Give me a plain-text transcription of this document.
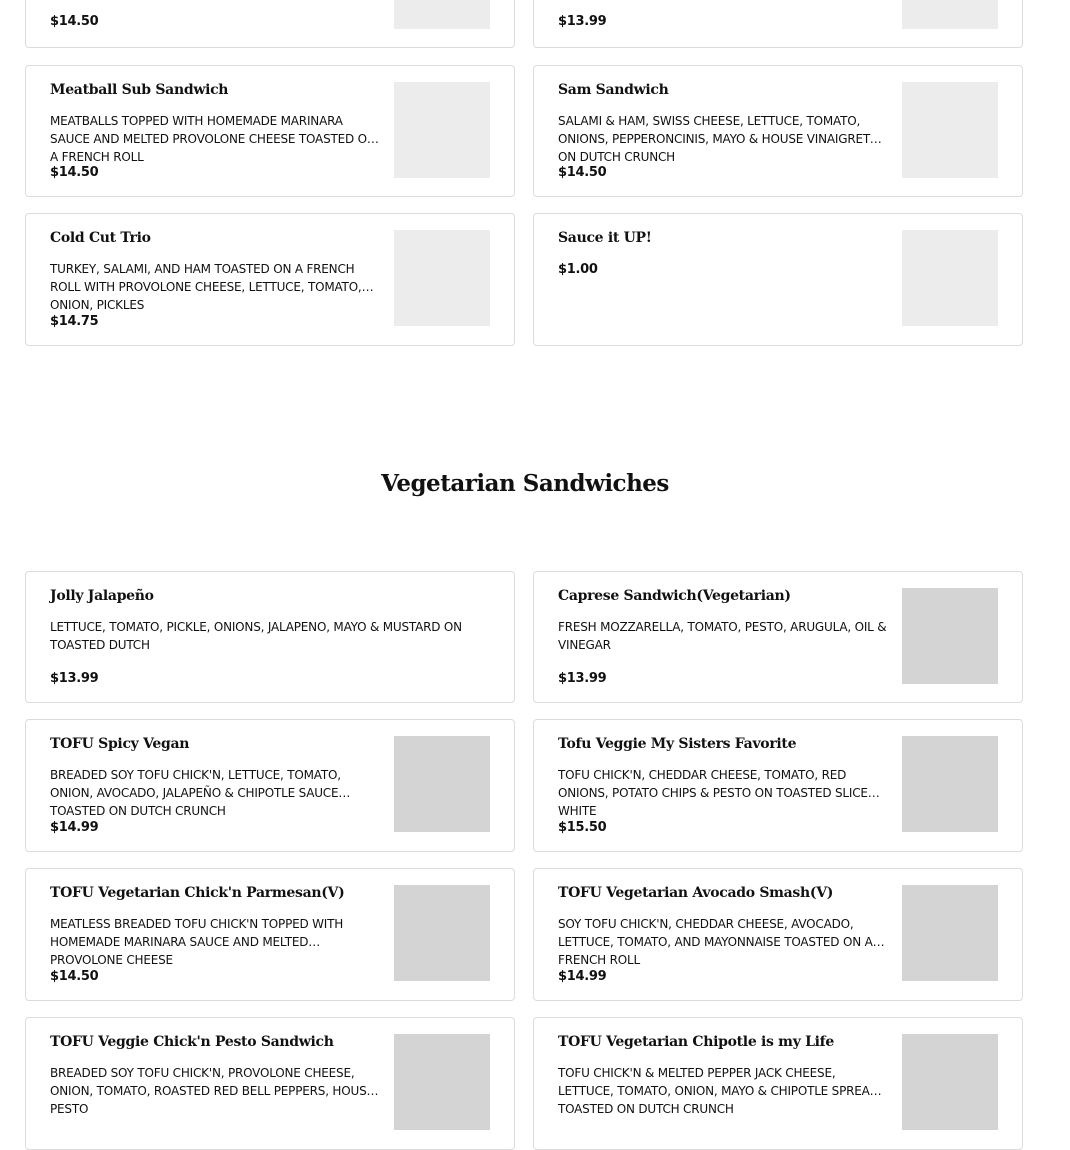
$14.50	$13.99
Meatball Sub Sandwich
MEATBALLS TOPPED WITH HOMEMADE MARINARA SAUCE AND MELTED PROVOLONE CHEESE TOASTED ON A FRENCH ROLL
$14.50
Sam Sandwich
SALAMI & HAM, SWISS CHEESE, LETTUCE, TOMATO, ONIONS, PEPPERONCINIS, MAYO & HOUSE VINAIGRETTE ON DUTCH CRUNCH
$14.50
Cold Cut Trio
TURKEY, SALAMI, AND HAM TOASTED ON A FRENCH ROLL WITH PROVOLONE CHEESE, LETTUCE, TOMATO, ONION, PICKLES
$14.75
Sauce it UP!
$1.00
Vegetarian Sandwiches
Jolly Jalapeño
LETTUCE, TOMATO, PICKLE, ONIONS, JALAPENO, MAYO & MUSTARD ON TOASTED DUTCH
$13.99
Caprese Sandwich(Vegetarian)
FRESH MOZZARELLA, TOMATO, PESTO, ARUGULA, OIL & VINEGAR
$13.99
TOFU Spicy Vegan
BREADED SOY TOFU CHICK'N, LETTUCE, TOMATO, ONION, AVOCADO, JALAPEÑO & CHIPOTLE SAUCE TOASTED ON DUTCH CRUNCH
$14.99
Tofu Veggie My Sisters Favorite
TOFU CHICK'N, CHEDDAR CHEESE, TOMATO, RED ONIONS, POTATO CHIPS & PESTO ON TOASTED SLICED WHITE
$15.50
TOFU Vegetarian Chick'n Parmesan(V)
MEATLESS BREADED TOFU CHICK'N TOPPED WITH HOMEMADE MARINARA SAUCE AND MELTED PROVOLONE CHEESE
$14.50
TOFU Vegetarian Avocado Smash(V)
SOY TOFU CHICK'N, CHEDDAR CHEESE, AVOCADO, LETTUCE, TOMATO, AND MAYONNAISE TOASTED ON A FRENCH ROLL
$14.99
TOFU Veggie Chick'n Pesto Sandwich
BREADED SOY TOFU CHICK'N, PROVOLONE CHEESE, ONION, TOMATO, ROASTED RED BELL PEPPERS, HOUSE PESTO
TOFU Vegetarian Chipotle is my Life
TOFU CHICK'N & MELTED PEPPER JACK CHEESE, LETTUCE, TOMATO, ONION, MAYO & CHIPOTLE SPREAD TOASTED ON DUTCH CRUNCH
